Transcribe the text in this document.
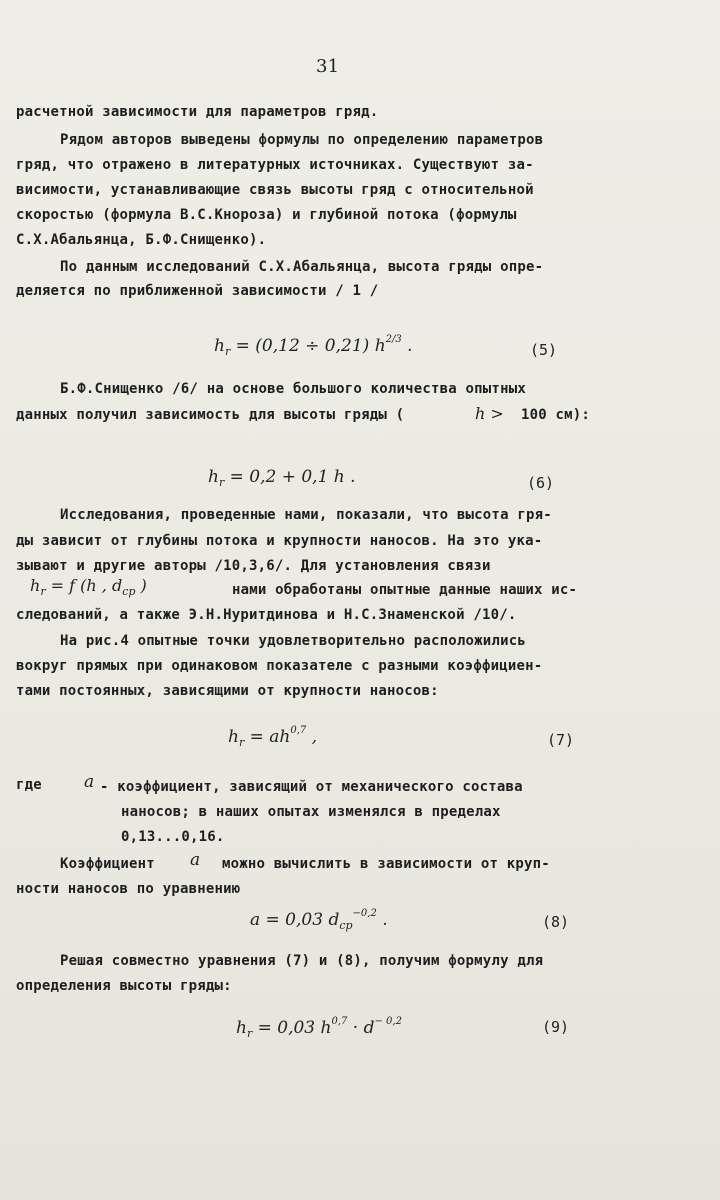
31
расчетной зависимости для параметров гряд.
Рядом авторов выведены формулы по определению параметров
гряд, что отражено в литературных источниках. Существуют за-
висимости, устанавливающие связь высоты гряд с относительной
скоростью (формула В.С.Кнороза) и глубиной потока (формулы
С.Х.Абальянца, Б.Ф.Снищенко).
По данным исследований С.Х.Абальянца, высота гряды опре-
деляется по приближенной зависимости / 1 /
$h_r = (0,12 \div 0,21)$ $h^{2/3}$ .	(5)
Б.Ф.Снищенко /6/ на основе большого количества опытных
данных получил зависимость для высоты гряды (	h > 100 см):
$h_r = 0,2 + 0,1$ h .	(6)
Исследования, проведенные нами, показали, что высота гря-
ды зависит от глубины потока и крупности наносов. На это ука-
зывают и другие авторы /10,3,6/. Для установления связи
$h_r = f$ (h , $d_{cp}$ )	нами обработаны опытные данные наших ис-
следований, а также Э.Н.Нуритдинова и Н.С.Знаменской /10/.
На рис.4 опытные точки удовлетворительно расположились
вокруг прямых при одинаковом показателе с разными коэффициен-
тами постоянных, зависящими от крупности наносов:
$h_r = ah^{0,7}$ ,	(7)
где a - коэффициент, зависящий от механического состава
наносов; в наших опытах изменялся в пределах
0,13...0,16.
Коэффициент a можно вычислить в зависимости от круп-
ности наносов по уравнению
a = 0,03 $d_{cp}^{-0,2}$ .	(8)
Решая совместно уравнения (7) и (8), получим формулу для
определения высоты гряды:
$h_r = 0,03$ $h^{0,7} \cdot d^{- 0,2}$	(9)
